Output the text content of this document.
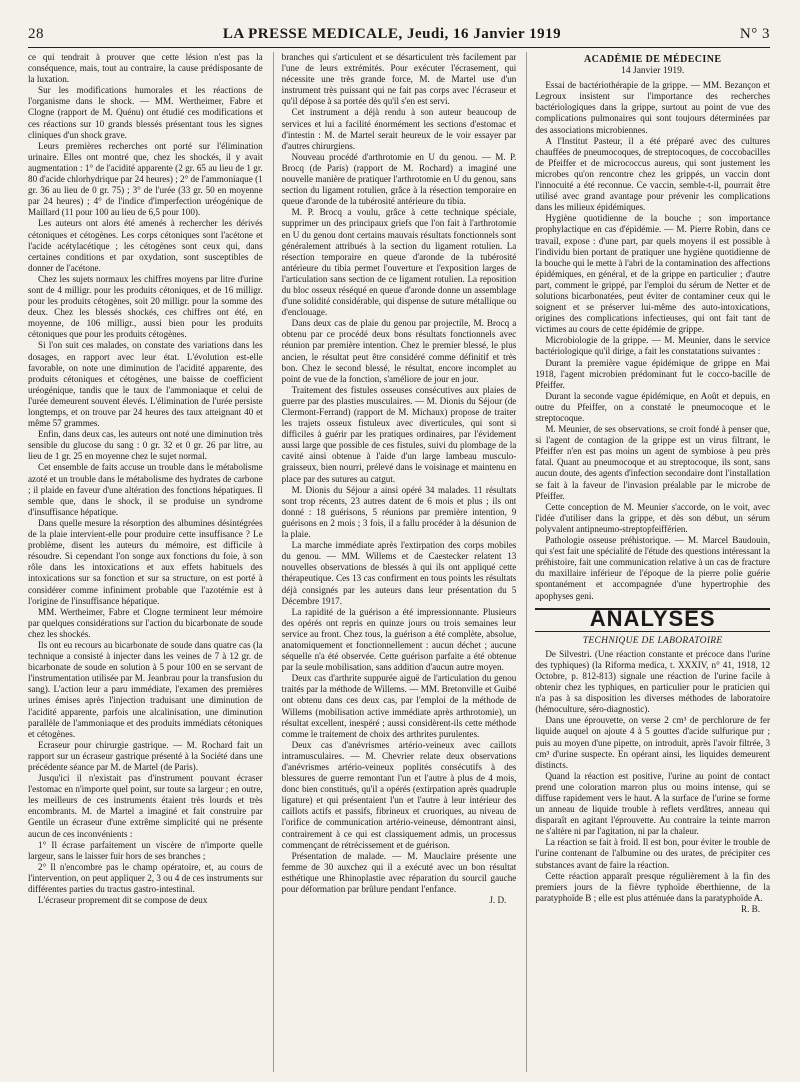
28	LA PRESSE MEDICALE, Jeudi, 16 Janvier 1919	N° 3

ce qui tendrait à prouver que cette lésion n'est pas la conséquence, mais, tout au contraire, la cause prédisposante de la luxation.

Sur les modifications humorales et les réactions de l'organisme dans le shock. — MM. Wertheimer, Fabre et Clogne (rapport de M. Quénu) ont étudié ces modifications et ces réactions sur 10 grands blessés présentant tous les signes cliniques d'un shock grave.

Leurs premières recherches ont porté sur l'élimination urinaire. Elles ont montré que, chez les shockés, il y avait augmentation : 1° de l'acidité apparente (2 gr. 65 au lieu de 1 gr. 80 d'acide chlorhydrique par 24 heures) ; 2° de l'ammoniaque (1 gr. 36 au lieu de 0 gr. 75) ; 3° de l'urée (33 gr. 50 en moyenne par 24 heures) ; 4° de l'indice d'imperfection uréogénique de Maillard (11 pour 100 au lieu de 6,5 pour 100).

Les auteurs ont alors été amenés à rechercher les dérivés cétoniques et cétogènes. Les corps cétoniques sont l'acétone et l'acide acétylacétique ; les cétogènes sont ceux qui, dans certaines conditions et par oxydation, sont susceptibles de donner de l'acétone.

Chez les sujets normaux les chiffres moyens par litre d'urine sont de 4 milligr. pour les produits cétoniques, et de 16 milligr. pour les produits cétogènes, soit 20 milligr. pour la somme des deux. Chez les blessés shockés, ces chiffres ont été, en moyenne, de 106 milligr., aussi bien pour les produits cétoniques que pour les produits cétogènes.

Si l'on suit ces malades, on constate des variations dans les dosages, en rapport avec leur état. L'évolution est-elle favorable, on note une diminution de l'acidité apparente, des produits cétoniques et cétogènes, une baisse de coefficient uréogénique, tandis que le taux de l'ammoniaque et celui de l'urée demeurent souvent élevés. L'élimination de l'urée persiste longtemps, et on trouve par 24 heures des taux atteignant 40 et même 57 grammes.

Enfin, dans deux cas, les auteurs ont noté une diminution très sensible du glucose du sang : 0 gr. 32 et 0 gr. 26 par litre, au lieu de 1 gr. 25 en moyenne chez le sujet normal.

Cet ensemble de faits accuse un trouble dans le métabolisme azoté et un trouble dans le métabolisme des hydrates de carbone ; il plaide en faveur d'une altération des fonctions hépatiques. Il semble que, dans le shock, il se produise un syndrome d'insuffisance hépatique.

Dans quelle mesure la résorption des albumines désintégrées de la plaie intervient-elle pour produire cette insuffisance ? Le problème, disent les auteurs du mémoire, est difficile à résoudre. Si cependant l'on songe aux fonctions du foie, à son rôle dans les intoxications et aux effets habituels des intoxications sur sa fonction et sur sa structure, on est porté à considérer comme infiniment probable que l'azotémie est à l'origine de l'insuffisance hépatique.

MM. Wertheimer, Fabre et Clogne terminent leur mémoire par quelques considérations sur l'action du bicarbonate de soude chez les shockés.

Ils ont eu recours au bicarbonate de soude dans quatre cas (la technique a consisté à injecter dans les veines de 7 à 12 gr. de bicarbonate de soude en solution à 5 pour 100 en se servant de l'instrumentation utilisée par M. Jeanbrau pour la transfusion du sang). L'action leur a paru immédiate, l'examen des premières urines émises après l'injection traduisant une diminution de l'acidité apparente, parfois une alcalinisation, une diminution parallèle de l'ammoniaque et des produits immédiats cétoniques et cétogènes.

Ecraseur pour chirurgie gastrique. — M. Rochard fait un rapport sur un écraseur gastrique présenté à la Société dans une précédente séance par M. de Martel (de Paris).

Jusqu'ici il n'existait pas d'instrument pouvant écraser l'estomac en n'importe quel point, sur toute sa largeur ; en outre, les meilleurs de ces instruments étaient très lourds et très encombrants. M. de Martel a imaginé et fait construire par Gentile un écraseur d'une extrême simplicité qui ne présente aucun de ces inconvénients :

1° Il écrase parfaitement un viscère de n'importe quelle largeur, sans le laisser fuir hors de ses branches ;

2° Il n'encombre pas le champ opératoire, et, au cours de l'intervention, on peut appliquer 2, 3 ou 4 de ces instruments sur différentes parties du tractus gastro-intestinal.

L'écraseur proprement dit se compose de deux

branches qui s'articulent et se désarticulent très facilement par l'une de leurs extrémités. Pour exécuter l'écrasement, qui nécessite une très grande force, M. de Martel use d'un instrument très puissant qui ne fait pas corps avec l'écraseur et qu'il dépose à sa portée dès qu'il s'en est servi.

Cet instrument a déjà rendu à son auteur beaucoup de services et lui a facilité énormément les sections d'estomac et d'intestin : M. de Martel serait heureux de le voir essayer par d'autres chirurgiens.

Nouveau procédé d'arthrotomie en U du genou. — M. P. Brocq (de Paris) (rapport de M. Rochard) a imaginé une nouvelle manière de pratiquer l'arthrotomie en U du genou, sans section du ligament rotulien, grâce à la résection temporaire en queue d'aronde de la tubérosité antérieure du tibia.

M. P. Brocq a voulu, grâce à cette technique spéciale, supprimer un des principaux griefs que l'on fait à l'arthrotomie en U du genou dont certains mauvais résultats fonctionnels sont généralement attribués à la section du ligament rotulien. La résection temporaire en queue d'aronde de la tubérosité antérieure du tibia permet l'ouverture et l'exposition larges de l'articulation sans section de ce ligament rotulien. La reposition du bloc osseux réséqué en queue d'aronde donne un assemblage d'une solidité considérable, qui dispense de suture métallique ou d'enclouage.

Dans deux cas de plaie du genou par projectile, M. Brocq a obtenu par ce procédé deux bons résultats fonctionnels avec réunion par première intention. Chez le premier blessé, le plus ancien, le résultat peut être considéré comme définitif et très bon. Chez le second blessé, le résultat, encore incomplet au point de vue de la fonction, s'améliore de jour en jour.

Traitement des fistules osseuses consécutives aux plaies de guerre par des plasties musculaires. — M. Dionis du Séjour (de Clermont-Ferrand) (rapport de M. Michaux) propose de traiter les trajets osseux fistuleux avec diverticules, qui sont si difficiles à guérir par les pratiques ordinaires, par l'évidement aussi large que possible de ces fistules, suivi du plombage de la cavité ainsi obtenue à l'aide d'un large lambeau musculo-graisseux, bien nourri, prélevé dans le voisinage et maintenu en place par des sutures au catgut.

M. Dionis du Séjour a ainsi opéré 34 malades. 11 résultats sont trop récents, 23 autres datent de 6 mois et plus ; ils ont donné : 18 guérisons, 5 réunions par première intention, 9 guérisons en 2 mois ; 3 fois, il a fallu procéder à la désunion de la plaie.

La marche immédiate après l'extirpation des corps mobiles du genou. — MM. Willems et de Caestecker relatent 13 nouvelles observations de blessés à qui ils ont appliqué cette thérapeutique. Ces 13 cas confirment en tous points les résultats déjà consignés par les auteurs dans leur présentation du 5 Décembre 1917.

La rapidité de la guérison a été impressionnante. Plusieurs des opérés ont repris en quinze jours ou trois semaines leur service au front. Chez tous, la guérison a été complète, absolue, anatomiquement et fonctionnellement : aucun déchet ; aucune séquelle n'a été observée. Cette guérison parfaite a été obtenue par la seule mobilisation, sans addition d'aucun autre moyen.

Deux cas d'arthrite suppurée aiguë de l'articulation du genou traités par la méthode de Willems. — MM. Bretonville et Guibé ont obtenu dans ces deux cas, par l'emploi de la méthode de Willems (mobilisation active immédiate après arthrotomie), un résultat excellent, inespéré ; aussi considèrent-ils cette méthode comme le traitement de choix des arthrites purulentes.

Deux cas d'anévrismes artério-veineux avec caillots intramusculaires. — M. Chevrier relate deux observations d'anévrismes artério-veineux poplités consécutifs à des blessures de guerre remontant l'un et l'autre à plus de 4 mois, donc bien constitués, qu'il a opérés (extirpation après quadruple ligature) et qui présentaient l'un et l'autre à leur intérieur des caillots actifs et passifs, fibrineux et cruoriques, au niveau de l'orifice de communication artério-veineuse, démontrant ainsi, contrairement à ce qui est classiquement admis, un processus commençant de rétrécissement et de guérison.

Présentation de malade. — M. Mauclaire présente une femme de 30 auxchez qui il a exécuté avec un bon résultat esthétique une Rhinoplastie avec réparation du sourcil gauche pour déformation par brûlure pendant l'enfance.

J. D.
ACADÉMIE DE MÉDECINE
14 Janvier 1919.

Essai de bactériothérapie de la grippe. — MM. Bezançon et Legroux insistent sur l'importance des recherches bactériologiques dans la grippe, surtout au point de vue des complications pulmonaires qui sont toujours déterminées par des associations microbiennes.

A l'Institut Pasteur, il a été préparé avec des cultures chauffées de pneumocoques, de streptocoques, de coccobacilles de Pfeiffer et de micrococcus aureus, qui sont justement les microbes qu'on rencontre chez les grippés, un vaccin dont l'innocuité a été reconnue. Ce vaccin, semble-t-il, pourrait être utilisé avec grand avantage pour prévenir les complications dans les milieux épidémiques.

Hygiène quotidienne de la bouche ; son importance prophylactique en cas d'épidémie. — M. Pierre Robin, dans ce travail, expose : d'une part, par quels moyens il est possible à l'individu bien portant de pratiquer une hygiène quotidienne de la bouche qui le mette à l'abri de la contamination des affections épidémiques, en général, et de la grippe en particulier ; d'autre part, comment le grippé, par l'emploi du sérum de Netter et de solutions bicarbonatées, peut éviter de contaminer ceux qui le soignent et se préserver lui-même des auto-intoxications, origines des complications infectieuses, qui ont fait tant de victimes au cours de cette épidémie de grippe.

Microbiologie de la grippe. — M. Meunier, dans le service bactériologique qu'il dirige, a fait les constatations suivantes :

Durant la première vague épidémique de grippe en Mai 1918, l'agent microbien prédominant fut le cocco-bacille de Pfeiffer.

Durant la seconde vague épidémique, en Août et depuis, en outre du Pfeiffer, on a constaté le pneumocoque et le streptocoque.

M. Meunier, de ses observations, se croit fondé à penser que, si l'agent de contagion de la grippe est un virus filtrant, le Pfeiffer n'en est pas moins un agent de symbiose à peu près fatal. Quant au pneumocoque et au streptocoque, ils sont, sans aucun doute, des agents d'infection secondaire dont l'installation se fait à la faveur de l'invasion préalable par le microbe de Pfeiffer.

Cette conception de M. Meunier s'accorde, on le voit, avec l'idée d'utiliser dans la grippe, et dès son début, un sérum polyvalent antipneumo-streptopfeifférien.

Pathologie osseuse préhistorique. — M. Marcel Baudouin, qui s'est fait une spécialité de l'étude des questions intéressant la préhistoire, fait une communication relative à un cas de fracture du maxillaire inférieur de l'époque de la pierre polie guérie spontanément et accompagnée d'une hypertrophie des apophyses geni.

ANALYSES
TECHNIQUE DE LABORATOIRE

De Silvestri. (Une réaction constante et précoce dans l'urine des typhiques) (la Riforma medica, t. XXXIV, n° 41, 1918, 12 Octobre, p. 812-813) signale une réaction de l'urine facile à obtenir chez les typhiques, en particulier pour le praticien qui n'a pas à sa disposition les diverses méthodes de laboratoire (hémoculture, séro-diagnostic).

Dans une éprouvette, on verse 2 cm³ de perchlorure de fer liquide auquel on ajoute 4 à 5 gouttes d'acide sulfurique pur ; puis au moyen d'une pipette, on introduit, après l'avoir filtrée, 3 cm³ d'urine suspecte. En opérant ainsi, les liquides demeurent distincts.

Quand la réaction est positive, l'urine au point de contact prend une coloration marron plus ou moins intense, qui se diffuse rapidement vers le haut. A la surface de l'urine se forme un anneau de liquide trouble à reflets verdâtres, anneau qui disparaît en agitant l'éprouvette. Au contraire la teinte marron ne s'altère ni par l'agitation, ni par la chaleur.

La réaction se fait à froid. Il est bon, pour éviter le trouble de l'urine contenant de l'albumine ou des urates, de précipiter ces substances avant de faire la réaction.

Cette réaction apparaît presque régulièrement à la fin des premiers jours de la fièvre typhoïde éberthienne, de la paratyphoïde B ; elle est plus atténuée dans la paratyphoïde A.

R. B.
